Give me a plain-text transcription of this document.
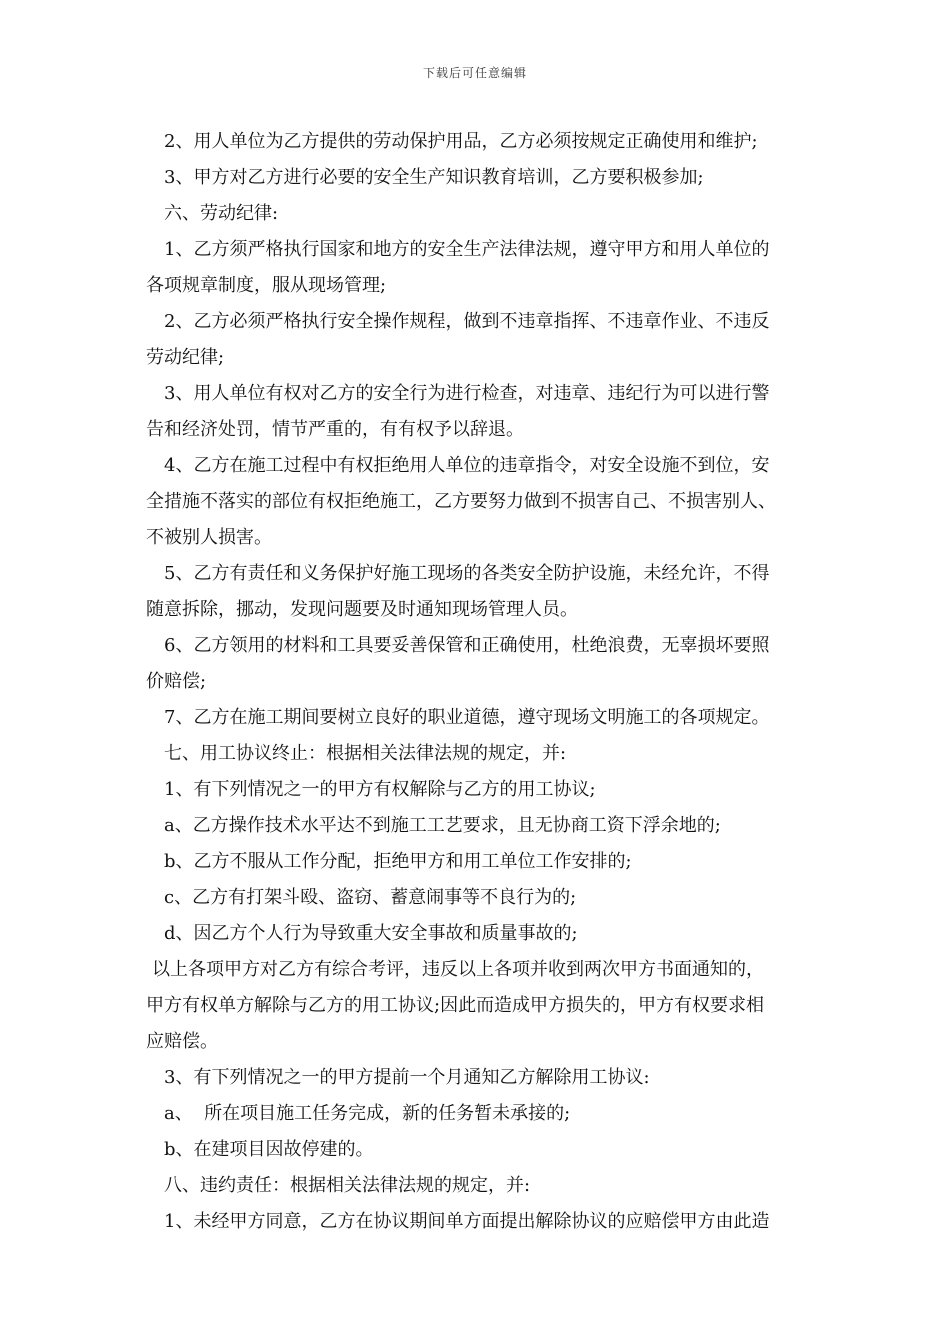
下载后可任意编辑
2、用人单位为乙方提供的劳动保护用品，乙方必须按规定正确使用和维护;
3、甲方对乙方进行必要的安全生产知识教育培训，乙方要积极参加;
六、劳动纪律:
1、乙方须严格执行国家和地方的安全生产法律法规，遵守甲方和用人单位的
各项规章制度，服从现场管理;
2、乙方必须严格执行安全操作规程，做到不违章指挥、不违章作业、不违反
劳动纪律;
3、用人单位有权对乙方的安全行为进行检查，对违章、违纪行为可以进行警
告和经济处罚，情节严重的，有有权予以辞退。
4、乙方在施工过程中有权拒绝用人单位的违章指令，对安全设施不到位，安
全措施不落实的部位有权拒绝施工，乙方要努力做到不损害自己、不损害别人、
不被别人损害。
5、乙方有责任和义务保护好施工现场的各类安全防护设施，未经允许，不得
随意拆除，挪动，发现问题要及时通知现场管理人员。
6、乙方领用的材料和工具要妥善保管和正确使用，杜绝浪费，无辜损坏要照
价赔偿;
7、乙方在施工期间要树立良好的职业道德，遵守现场文明施工的各项规定。
七、用工协议终止：根据相关法律法规的规定，并:
1、有下列情况之一的甲方有权解除与乙方的用工协议;
a、乙方操作技术水平达不到施工工艺要求，且无协商工资下浮余地的;
b、乙方不服从工作分配，拒绝甲方和用工单位工作安排的;
c、乙方有打架斗殴、盗窃、蓄意闹事等不良行为的;
d、因乙方个人行为导致重大安全事故和质量事故的;
以上各项甲方对乙方有综合考评，违反以上各项并收到两次甲方书面通知的，
甲方有权单方解除与乙方的用工协议;因此而造成甲方损失的，甲方有权要求相
应赔偿。
3、有下列情况之一的甲方提前一个月通知乙方解除用工协议:
a、  所在项目施工任务完成，新的任务暂未承接的;
b、在建项目因故停建的。
八、违约责任：根据相关法律法规的规定，并:
1、未经甲方同意，乙方在协议期间单方面提出解除协议的应赔偿甲方由此造
